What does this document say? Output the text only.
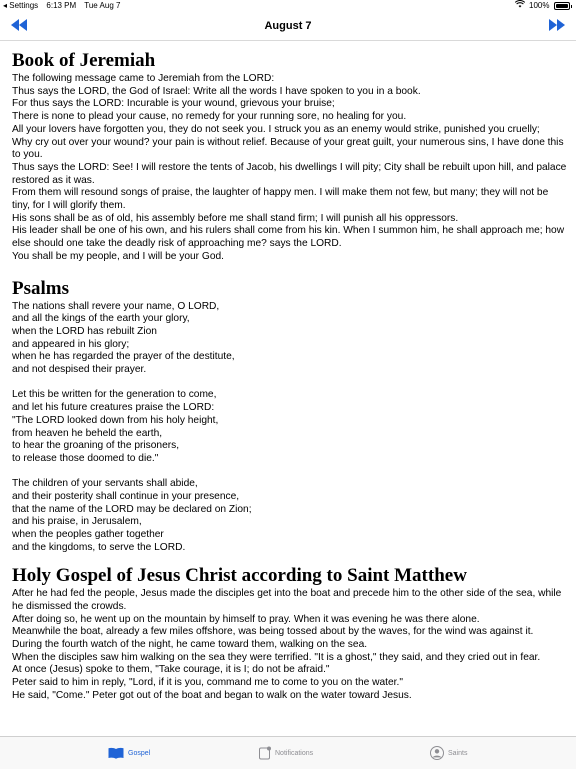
◂ Settings 6:13 PM Tue Aug 7	100%
August 7
Book of Jeremiah

The following message came to Jeremiah from the LORD:

Thus says the LORD, the God of Israel: Write all the words I have spoken to you in a book.

For thus says the LORD: Incurable is your wound, grievous your bruise;

There is none to plead your cause, no remedy for your running sore, no healing for you.

All your lovers have forgotten you, they do not seek you. I struck you as an enemy would strike, punished you cruelly;

Why cry out over your wound? your pain is without relief. Because of your great guilt, your numerous sins, I have done this to you.

Thus says the LORD: See! I will restore the tents of Jacob, his dwellings I will pity; City shall be rebuilt upon hill, and palace restored as it was.

From them will resound songs of praise, the laughter of happy men. I will make them not few, but many; they will not be tiny, for I will glorify them.

His sons shall be as of old, his assembly before me shall stand firm; I will punish all his oppressors.

His leader shall be one of his own, and his rulers shall come from his kin. When I summon him, he shall approach me; how else should one take the deadly risk of approaching me? says the LORD.

You shall be my people, and I will be your God.

Psalms

The nations shall revere your name, O LORD,
and all the kings of the earth your glory,
when the LORD has rebuilt Zion
and appeared in his glory;
when he has regarded the prayer of the destitute,
and not despised their prayer.

Let this be written for the generation to come,
and let his future creatures praise the LORD:
"The LORD looked down from his holy height,
from heaven he beheld the earth,
to hear the groaning of the prisoners,
to release those doomed to die."

The children of your servants shall abide,
and their posterity shall continue in your presence,
that the name of the LORD may be declared on Zion;
and his praise, in Jerusalem,
when the peoples gather together
and the kingdoms, to serve the LORD.

Holy Gospel of Jesus Christ according to Saint Matthew

After he had fed the people, Jesus made the disciples get into the boat and precede him to the other side of the sea, while he dismissed the crowds.

After doing so, he went up on the mountain by himself to pray. When it was evening he was there alone.

Meanwhile the boat, already a few miles offshore, was being tossed about by the waves, for the wind was against it.

During the fourth watch of the night, he came toward them, walking on the sea.

When the disciples saw him walking on the sea they were terrified. "It is a ghost," they said, and they cried out in fear.

At once (Jesus) spoke to them, "Take courage, it is I; do not be afraid."

Peter said to him in reply, "Lord, if it is you, command me to come to you on the water."

He said, "Come." Peter got out of the boat and began to walk on the water toward Jesus.

Gospel	Notifications	Saints
